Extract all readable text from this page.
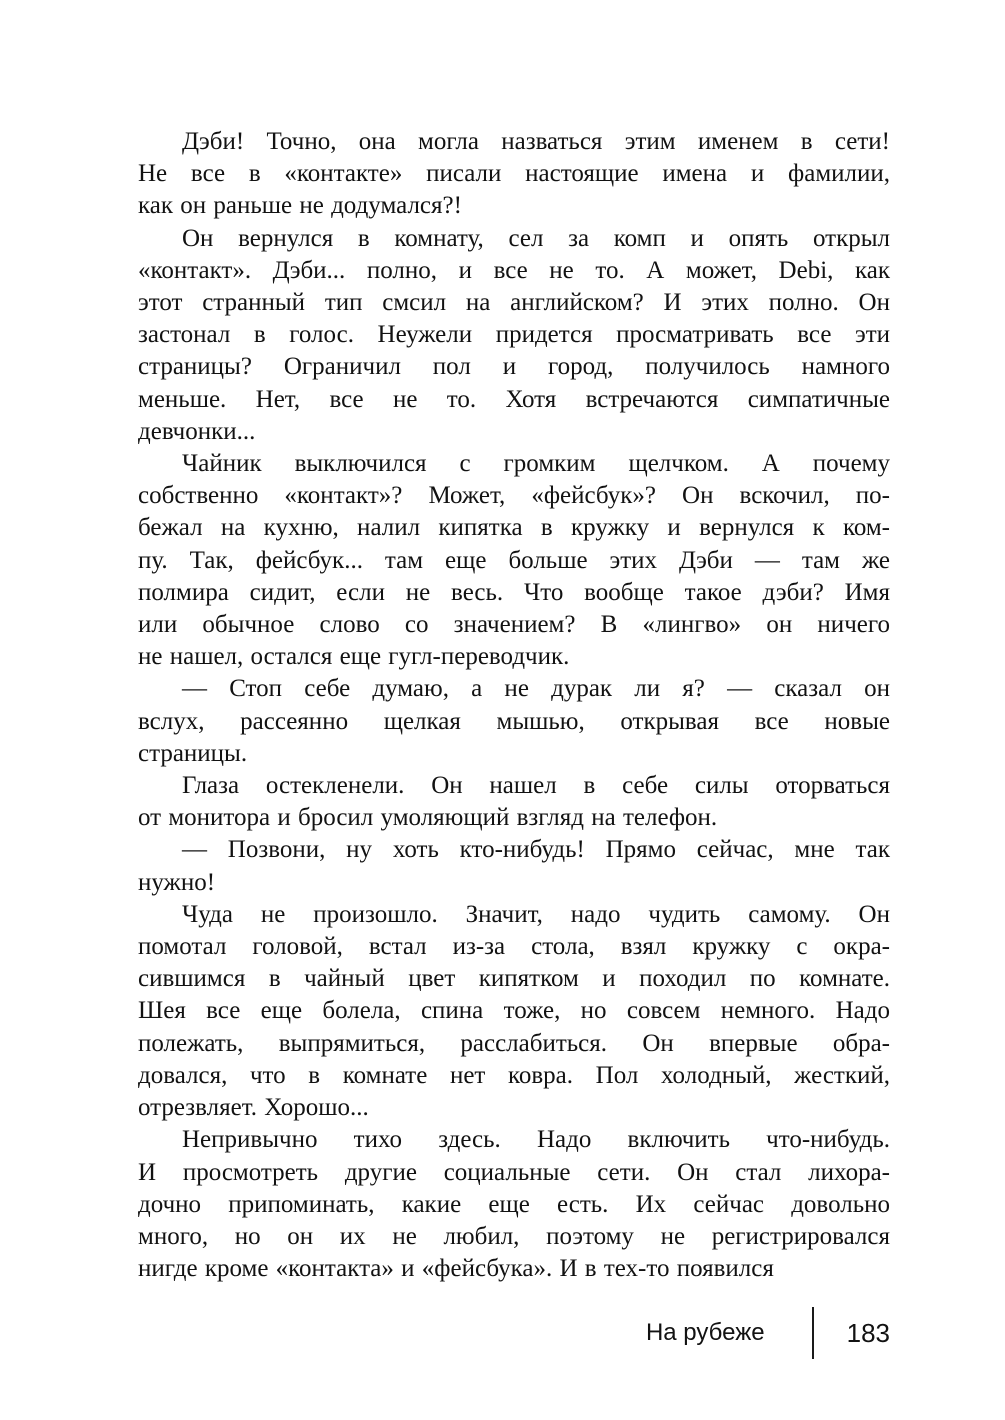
Дэби! Точно, она могла назваться этим именем в сети!
Не все в «контакте» писали настоящие имена и фамилии,
как он раньше не додумался?!
Он вернулся в комнату, сел за комп и опять открыл
«контакт». Дэби... полно, и все не то. А может, Debi, как
этот странный тип смсил на английском? И этих полно. Он
застонал в голос. Неужели придется просматривать все эти
страницы? Ограничил пол и город, получилось намного
меньше. Нет, все не то. Хотя встречаются симпатичные
девчонки...
Чайник выключился с громким щелчком. А почему
собственно «контакт»? Может, «фейсбук»? Он вскочил, по-
бежал на кухню, налил кипятка в кружку и вернулся к ком-
пу. Так, фейсбук... там еще больше этих Дэби — там же
полмира сидит, если не весь. Что вообще такое дэби? Имя
или обычное слово со значением? В «лингво» он ничего
не нашел, остался еще гугл-переводчик.
— Стоп себе думаю, а не дурак ли я? — сказал он
вслух, рассеянно щелкая мышью, открывая все новые
страницы.
Глаза остекленели. Он нашел в себе силы оторваться
от монитора и бросил умоляющий взгляд на телефон.
— Позвони, ну хоть кто-нибудь! Прямо сейчас, мне так
нужно!
Чуда не произошло. Значит, надо чудить самому. Он
помотал головой, встал из-за стола, взял кружку с окра-
сившимся в чайный цвет кипятком и походил по комнате.
Шея все еще болела, спина тоже, но совсем немного. Надо
полежать, выпрямиться, расслабиться. Он впервые обра-
довался, что в комнате нет ковра. Пол холодный, жесткий,
отрезвляет. Хорошо...
Непривычно тихо здесь. Надо включить что-нибудь.
И просмотреть другие социальные сети. Он стал лихора-
дочно припоминать, какие еще есть. Их сейчас довольно
много, но он их не любил, поэтому не регистрировался
нигде кроме «контакта» и «фейсбука». И в тех-то появился
На рубеже	183
